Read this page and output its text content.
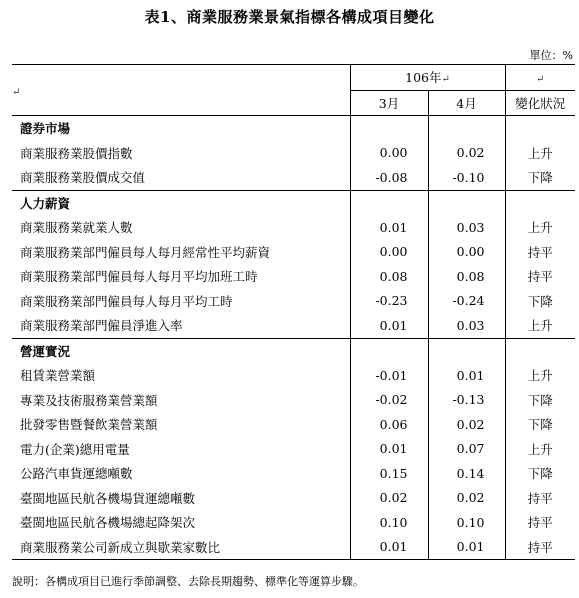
表1、商業服務業景氣指標各構成項目變化
單位：%
↵	106年↵		↵
	3月	4月	變化狀況
證券市場			
商業服務業股價指數	0.00	0.02	上升
商業服務業股價成交值	-0.08	-0.10	下降
人力薪資			
商業服務業就業人數	0.01	0.03	上升
商業服務業部門僱員每人每月經常性平均薪資	0.00	0.00	持平
商業服務業部門僱員每人每月平均加班工時	0.08	0.08	持平
商業服務業部門僱員每人每月平均工時	-0.23	-0.24	下降
商業服務業部門僱員淨進入率	0.01	0.03	上升
營運實況			
租賃業營業額	-0.01	0.01	上升
專業及技術服務業營業額	-0.02	-0.13	下降
批發零售暨餐飲業營業額	0.06	0.02	下降
電力(企業)總用電量	0.01	0.07	上升
公路汽車貨運總噸數	0.15	0.14	下降
臺閩地區民航各機場貨運總噸數	0.02	0.02	持平
臺閩地區民航各機場總起降架次	0.10	0.10	持平
商業服務業公司新成立與歇業家數比	0.01	0.01	持平
說明：各構成項目已進行季節調整、去除長期趨勢、標準化等運算步驟。
